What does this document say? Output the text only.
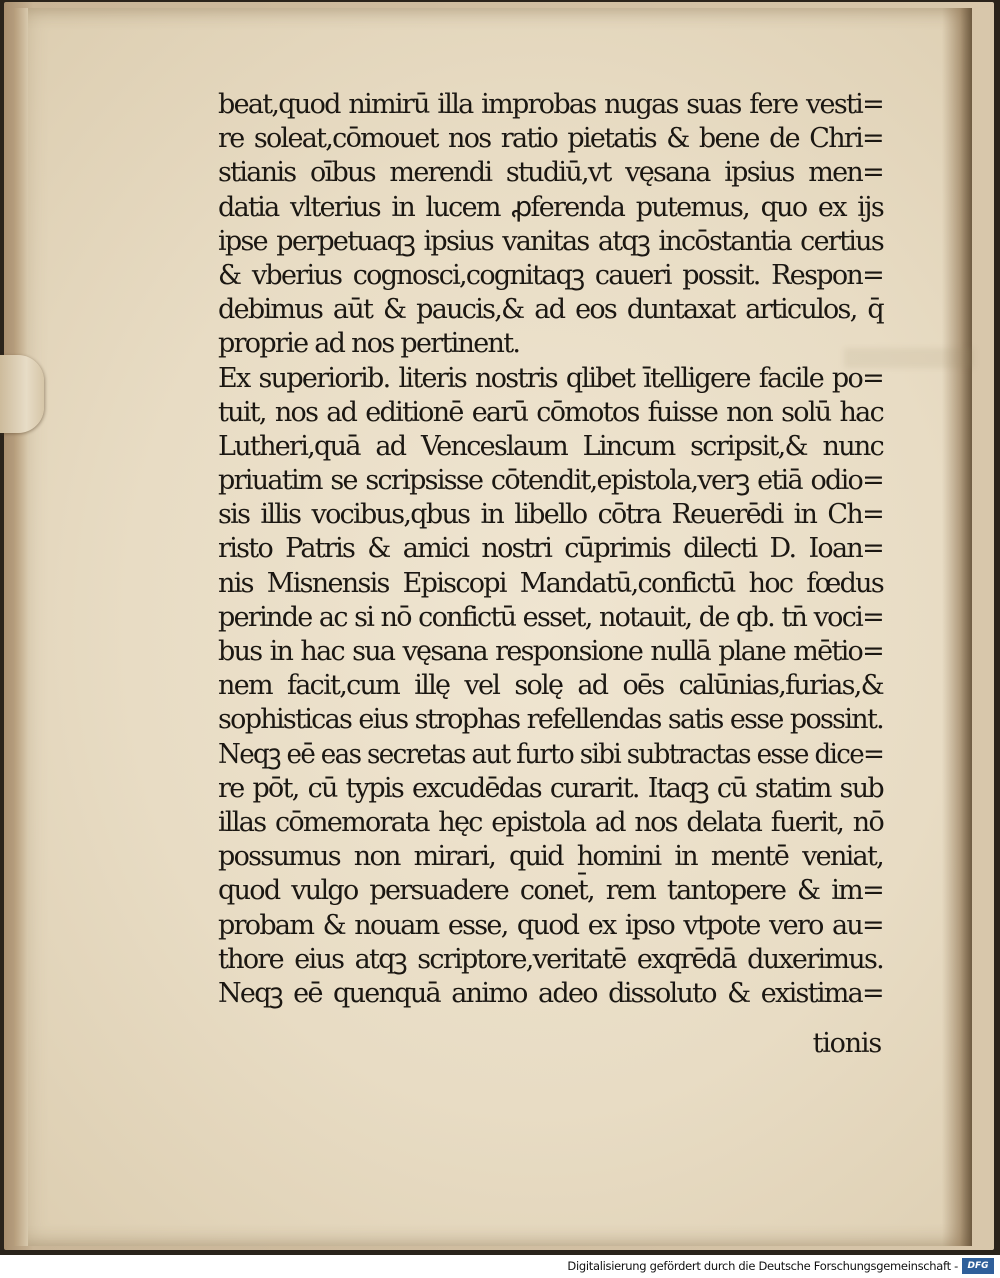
beat,quod nimirū illa improbas nugas suas fere vesti=
re soleat,cōmouet nos ratio pietatis & bene de Chri=
stianis oībus merendi studiū,vt vęsana ipsius men=
datia vlterius in lucem ꝓferenda putemus, quo ex ijs
ipse perpetuaqꝫ ipsius vanitas atqꝫ incōstantia certius
& vberius cognosci,cognitaqꝫ caueri possit. Respon=
debimus aūt & paucis,& ad eos duntaxat articulos, q̄
proprie ad nos pertinent.
Ex superiorib. literis nostris qlibet ītelligere facile po=
tuit, nos ad editionē earū cōmotos fuisse non solū hac
Lutheri,quā ad Venceslaum Lincum scripsit,& nunc
priuatim se scripsisse cōtendit,epistola,verꝫ etiā odio=
sis illis vocibus,qbus in libello cōtra Reuerēdi in Ch=
risto Patris & amici nostri cūprimis dilecti D. Ioan=
nis Misnensis Episcopi Mandatū,confictū hoc fœdus
perinde ac si nō confictū esset, notauit, de qb. tn̄ voci=
bus in hac sua vęsana responsione nullā plane mētio=
nem facit,cum illę vel solę ad oēs calūnias,furias,&
sophisticas eius strophas refellendas satis esse possint.
Neqꝫ eē eas secretas aut furto sibi subtractas esse dice=
re pōt, cū typis excudēdas curarit. Itaqꝫ cū statim sub
illas cōmemorata hęc epistola ad nos delata fuerit, nō
possumus non mirari, quid homini in mentē veniat,
quod vulgo persuadere conet̄, rem tantopere & im=
probam & nouam esse, quod ex ipso vtpote vero au=
thore eius atqꝫ scriptore,veritatē exqrēdā duxerimus.
Neqꝫ eē quenquā animo adeo dissoluto & existima=
tionis
Digitalisierung gefördert durch die Deutsche Forschungsgemeinschaft -	DFG
